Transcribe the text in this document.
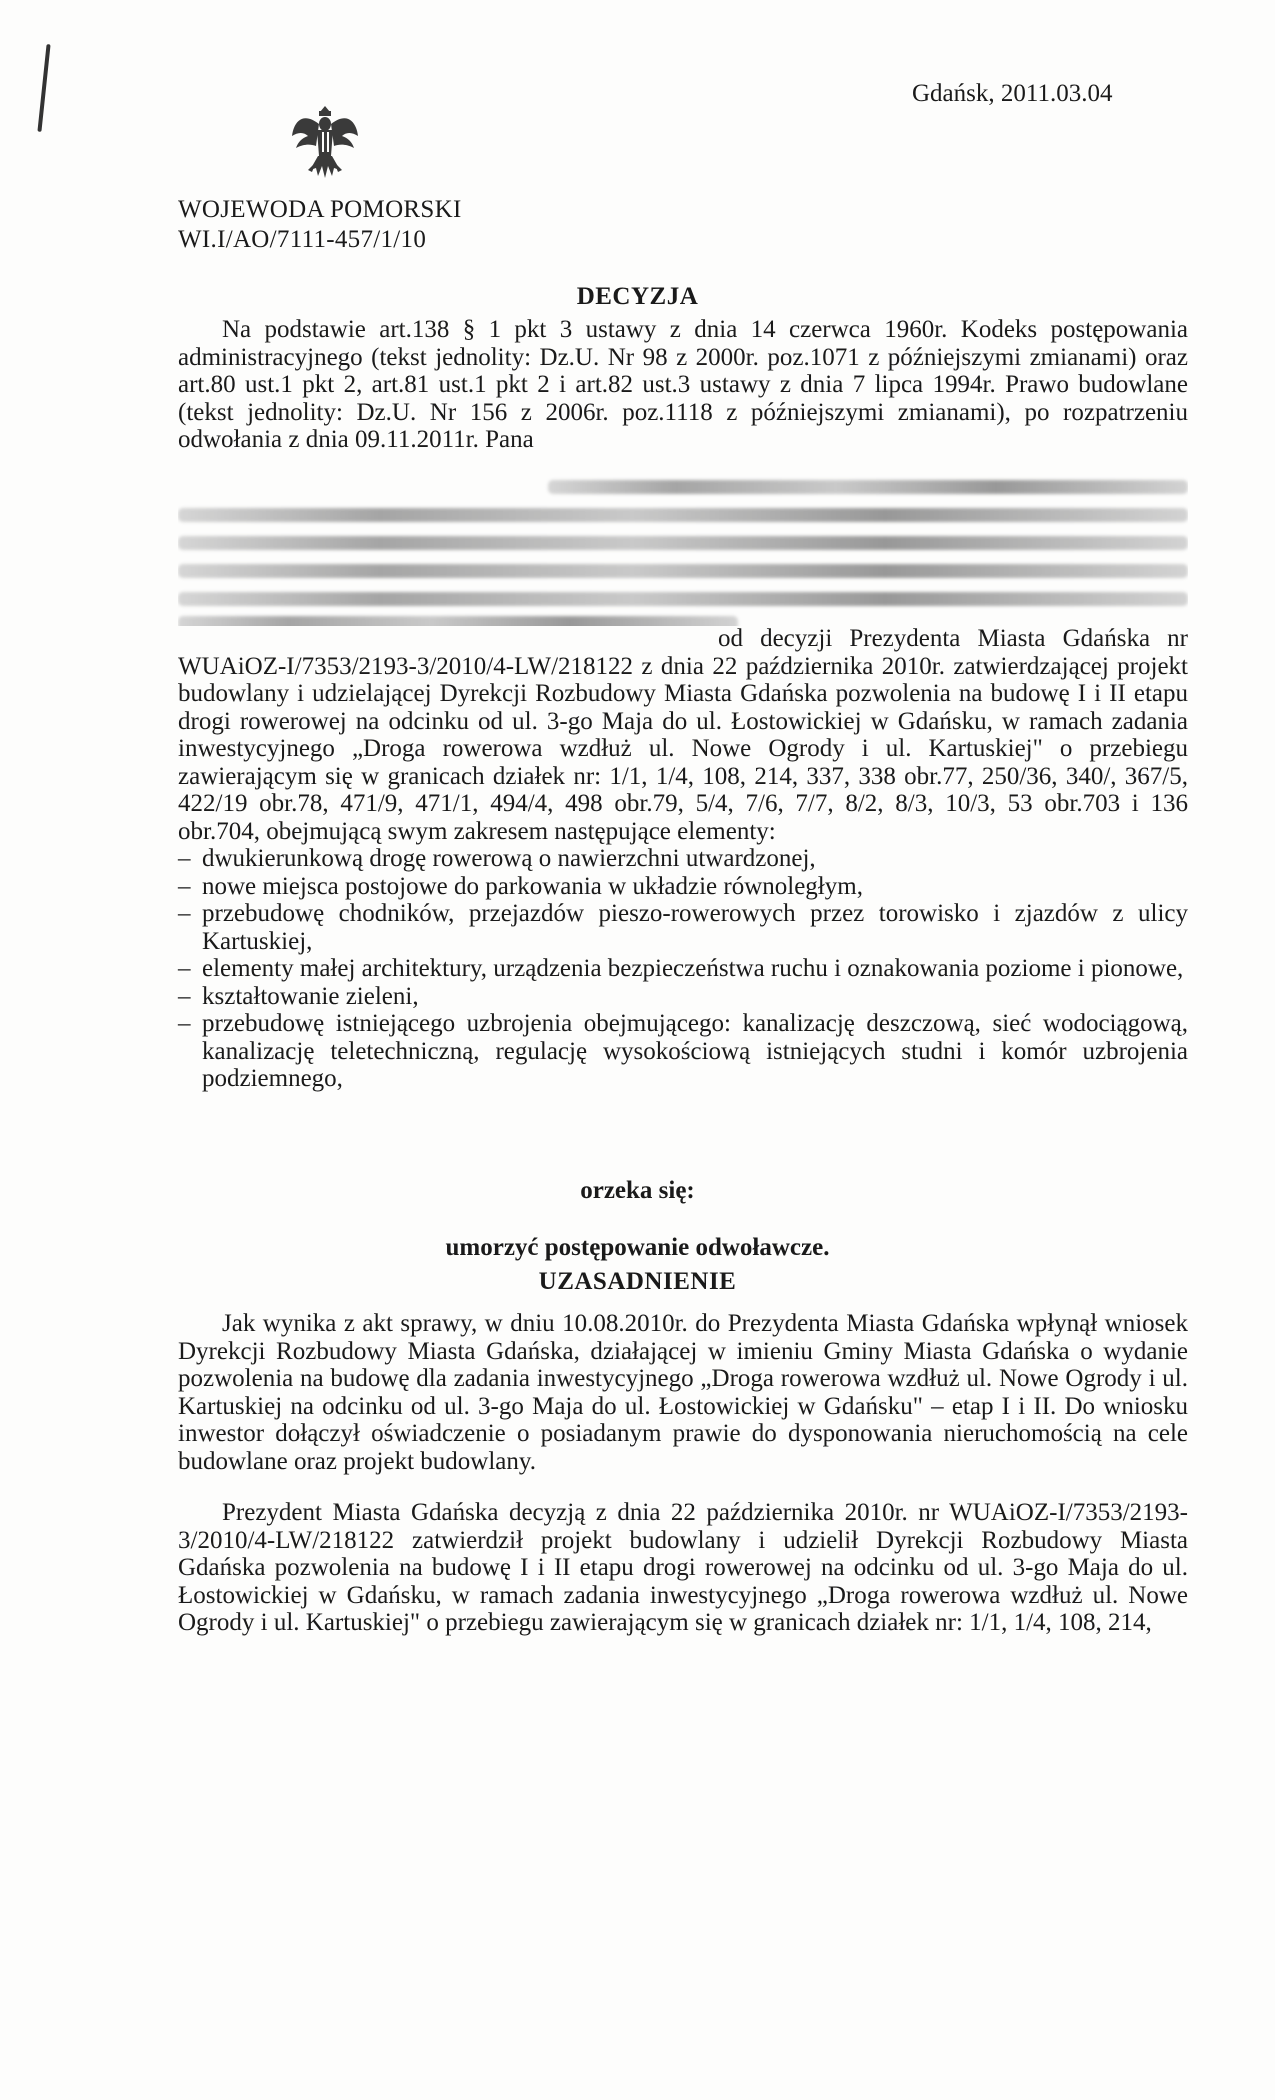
Gdańsk, 2011.03.04
WOJEWODA POMORSKI
WI.I/AO/7111-457/1/10
DECYZJA

Na podstawie art.138 § 1 pkt 3 ustawy z dnia 14 czerwca 1960r. Kodeks postępowania administracyjnego (tekst jednolity: Dz.U. Nr 98 z 2000r. poz.1071 z późniejszymi zmianami) oraz art.80 ust.1 pkt 2, art.81 ust.1 pkt 2 i art.82 ust.3 ustawy z dnia 7 lipca 1994r. Prawo budowlane (tekst jednolity: Dz.U. Nr 156 z 2006r. poz.1118 z późniejszymi zmianami), po rozpatrzeniu odwołania z dnia 09.11.2011r. Pana

od decyzji Prezydenta Miasta Gdańska nr WUAiOZ-I/7353/2193-3/2010/4-LW/218122 z dnia 22 października 2010r. zatwierdzającej projekt budowlany i udzielającej Dyrekcji Rozbudowy Miasta Gdańska pozwolenia na budowę I i II etapu drogi rowerowej na odcinku od ul. 3-go Maja do ul. Łostowickiej w Gdańsku, w ramach zadania inwestycyjnego „Droga rowerowa wzdłuż ul. Nowe Ogrody i ul. Kartuskiej" o przebiegu zawierającym się w granicach działek nr: 1/1, 1/4, 108, 214, 337, 338 obr.77, 250/36, 340/, 367/5, 422/19 obr.78, 471/9, 471/1, 494/4, 498 obr.79, 5/4, 7/6, 7/7, 8/2, 8/3, 10/3, 53 obr.703 i 136 obr.704, obejmującą swym zakresem następujące elementy:

– dwukierunkową drogę rowerową o nawierzchni utwardzonej,
– nowe miejsca postojowe do parkowania w układzie równoległym,
– przebudowę chodników, przejazdów pieszo-rowerowych przez torowisko i zjazdów z ulicy Kartuskiej,
– elementy małej architektury, urządzenia bezpieczeństwa ruchu i oznakowania poziome i pionowe,
– kształtowanie zieleni,
– przebudowę istniejącego uzbrojenia obejmującego: kanalizację deszczową, sieć wodociągową, kanalizację teletechniczną, regulację wysokościową istniejących studni i komór uzbrojenia podziemnego,
orzeka się:
umorzyć postępowanie odwoławcze.
UZASADNIENIE

Jak wynika z akt sprawy, w dniu 10.08.2010r. do Prezydenta Miasta Gdańska wpłynął wniosek Dyrekcji Rozbudowy Miasta Gdańska, działającej w imieniu Gminy Miasta Gdańska o wydanie pozwolenia na budowę dla zadania inwestycyjnego „Droga rowerowa wzdłuż ul. Nowe Ogrody i ul. Kartuskiej na odcinku od ul. 3-go Maja do ul. Łostowickiej w Gdańsku" – etap I i II. Do wniosku inwestor dołączył oświadczenie o posiadanym prawie do dysponowania nieruchomością na cele budowlane oraz projekt budowlany.

Prezydent Miasta Gdańska decyzją z dnia 22 października 2010r. nr WUAiOZ-I/7353/2193-3/2010/4-LW/218122 zatwierdził projekt budowlany i udzielił Dyrekcji Rozbudowy Miasta Gdańska pozwolenia na budowę I i II etapu drogi rowerowej na odcinku od ul. 3-go Maja do ul. Łostowickiej w Gdańsku, w ramach zadania inwestycyjnego „Droga rowerowa wzdłuż ul. Nowe Ogrody i ul. Kartuskiej" o przebiegu zawierającym się w granicach działek nr: 1/1, 1/4, 108, 214,
